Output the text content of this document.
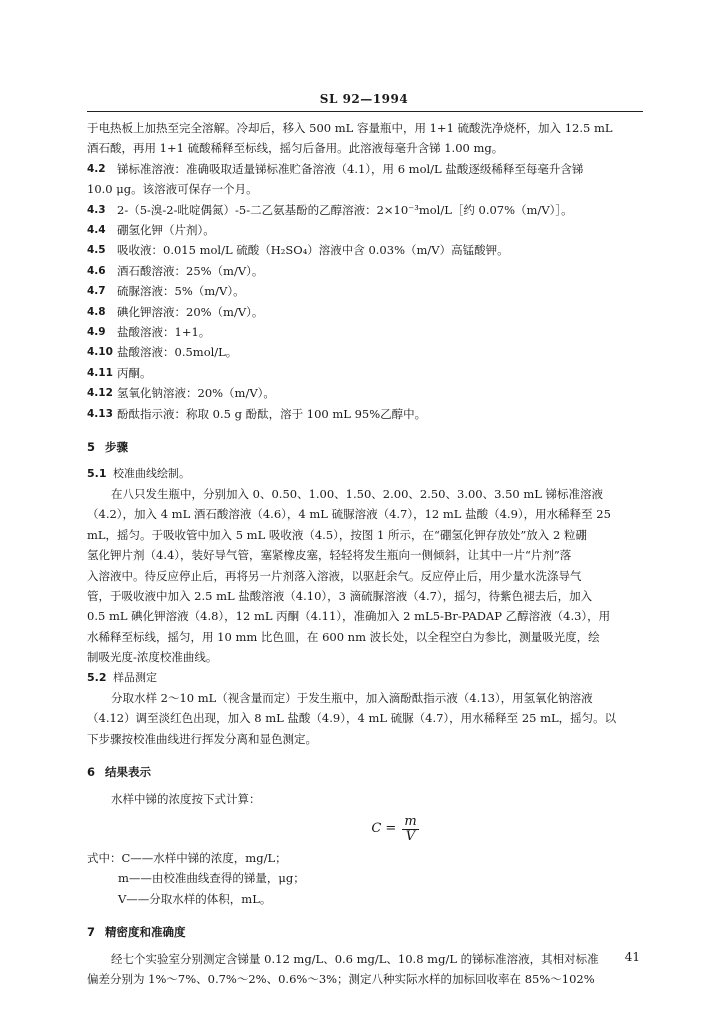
SL 92—1994

于电热板上加热至完全溶解。冷却后，移入 500 mL 容量瓶中，用 1+1 硫酸洗净烧杯，加入 12.5 mL

酒石酸，再用 1+1 硫酸稀释至标线，摇匀后备用。此溶液每毫升含锑 1.00 mg。

4.2 锑标准溶液：准确吸取适量锑标准贮备溶液（4.1），用 6 mol/L 盐酸逐级稀释至每毫升含锑
10.0 μg。该溶液可保存一个月。
4.3 2-（5-溴-2-吡啶偶氮）-5-二乙氨基酚的乙醇溶液：2×10⁻³mol/L［约 0.07%（m/V）］。
4.4 硼氢化钾（片剂）。
4.5 吸收液：0.015 mol/L 硫酸（H₂SO₄）溶液中含 0.03%（m/V）高锰酸钾。
4.6 酒石酸溶液：25%（m/V）。
4.7 硫脲溶液：5%（m/V）。
4.8 碘化钾溶液：20%（m/V）。
4.9 盐酸溶液：1+1。
4.10 盐酸溶液：0.5mol/L。
4.11 丙酮。
4.12 氢氧化钠溶液：20%（m/V）。
4.13 酚酞指示液：称取 0.5 g 酚酞，溶于 100 mL 95%乙醇中。
5 步骤
5.1 校准曲线绘制。

在八只发生瓶中，分别加入 0、0.50、1.00、1.50、2.00、2.50、3.00、3.50 mL 锑标准溶液

（4.2），加入 4 mL 酒石酸溶液（4.6），4 mL 硫脲溶液（4.7），12 mL 盐酸（4.9），用水稀释至 25

mL，摇匀。于吸收管中加入 5 mL 吸收液（4.5），按图 1 所示，在“硼氢化钾存放处”放入 2 粒硼

氢化钾片剂（4.4），装好导气管，塞紧橡皮塞，轻轻将发生瓶向一侧倾斜，让其中一片“片剂”落

入溶液中。待反应停止后，再将另一片剂落入溶液，以驱赶余气。反应停止后，用少量水洗涤导气

管，于吸收液中加入 2.5 mL 盐酸溶液（4.10），3 滴硫脲溶液（4.7），摇匀，待紫色褪去后，加入

0.5 mL 碘化钾溶液（4.8），12 mL 丙酮（4.11），准确加入 2 mL5-Br-PADAP 乙醇溶液（4.3），用

水稀释至标线，摇匀，用 10 mm 比色皿，在 600 nm 波长处，以全程空白为参比，测量吸光度，绘

制吸光度-浓度校准曲线。

5.2 样品测定

分取水样 2～10 mL（视含量而定）于发生瓶中，加入滴酚酞指示液（4.13），用氢氧化钠溶液

（4.12）调至淡红色出现，加入 8 mL 盐酸（4.9），4 mL 硫脲（4.7），用水稀释至 25 mL，摇匀。以

下步骤按校准曲线进行挥发分离和显色测定。

6 结果表示

水样中锑的浓度按下式计算：

$C = \frac{m}{V}$
式中：C——水样中锑的浓度，mg/L；
m——由校准曲线查得的锑量，μg；
V——分取水样的体积，mL。
7 精密度和准确度

经七个实验室分别测定含锑量 0.12 mg/L、0.6 mg/L、10.8 mg/L 的锑标准溶液，其相对标准

偏差分别为 1%～7%、0.7%～2%、0.6%～3%；测定八种实际水样的加标回收率在 85%～102%

41
